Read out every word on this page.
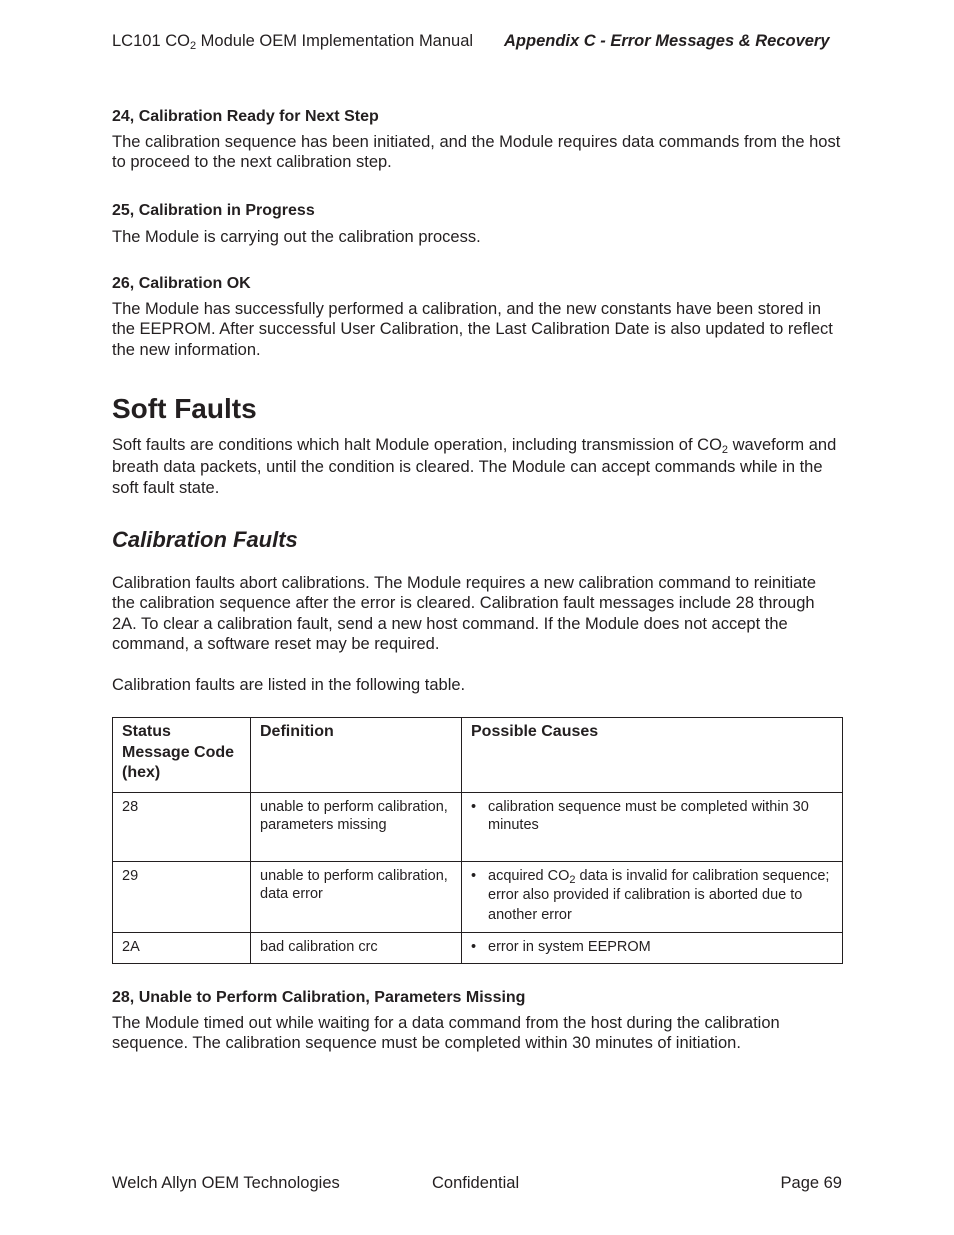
LC101 $CO_2$ Module OEM Implementation Manual Appendix C - Error Messages & Recovery
24, Calibration Ready for Next Step
The calibration sequence has been initiated, and the Module requires data commands from the host to proceed to the next calibration step.
25, Calibration in Progress
The Module is carrying out the calibration process.
26, Calibration OK
The Module has successfully performed a calibration, and the new constants have been stored in the EEPROM. After successful User Calibration, the Last Calibration Date is also updated to reflect the new information.
Soft Faults
Soft faults are conditions which halt Module operation, including transmission of $CO_2$ waveform and breath data packets, until the condition is cleared. The Module can accept commands while in the soft fault state.
Calibration Faults
Calibration faults abort calibrations. The Module requires a new calibration command to reinitiate the calibration sequence after the error is cleared. Calibration fault messages include 28 through 2A. To clear a calibration fault, send a new host command. If the Module does not accept the command, a software reset may be required.
Calibration faults are listed in the following table.
Status Message Code (hex)	Definition	Possible Causes
28	unable to perform calibration, parameters missing	• calibration sequence must be completed within 30 minutes

29	unable to perform calibration, data error	• acquired $CO_2$ data is invalid for calibration sequence; error also provided if calibration is aborted due to another error

2A	bad calibration crc	• error in system EEPROM
28, Unable to Perform Calibration, Parameters Missing
The Module timed out while waiting for a data command from the host during the calibration sequence. The calibration sequence must be completed within 30 minutes of initiation.
Welch Allyn OEM Technologies	Confidential	Page 69
